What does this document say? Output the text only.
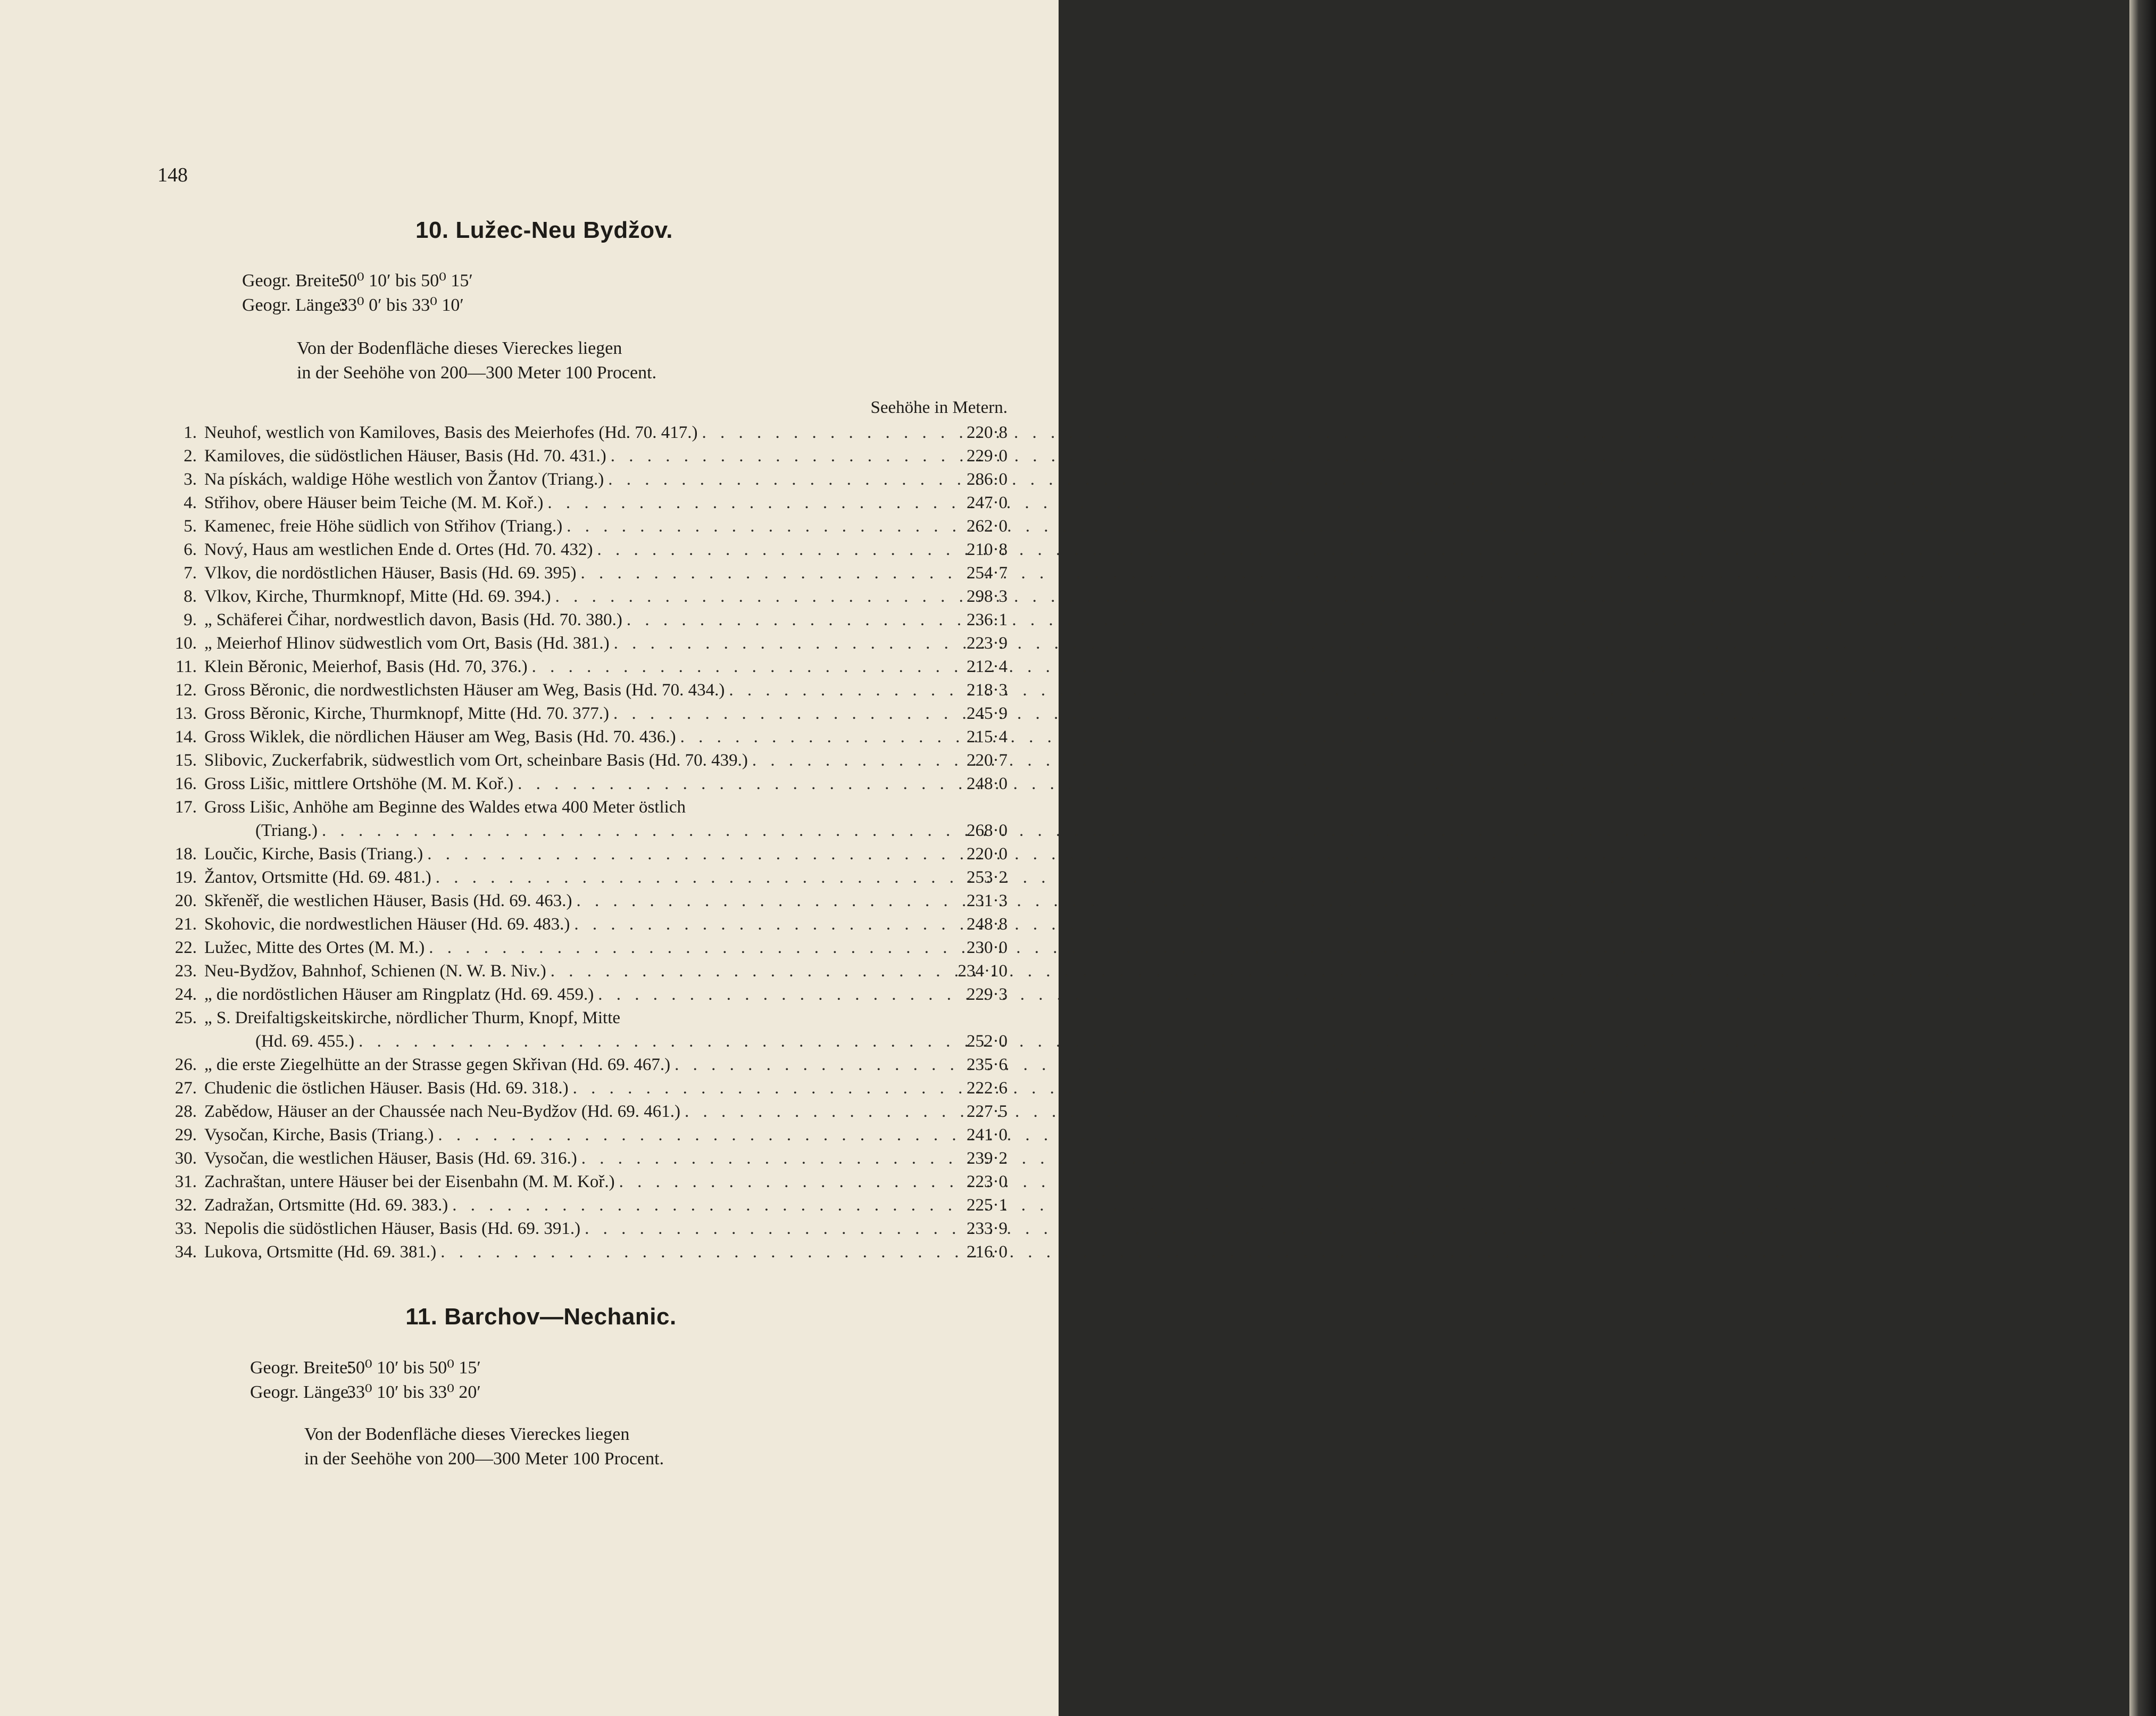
148
10. Lužec-Neu Bydžov.
Geogr. Breite:
50⁰ 10′ bis 50⁰ 15′
Geogr. Länge:
33⁰ 0′ bis 33⁰ 10′
Von der Bodenfläche dieses Viereckes liegen
in der Seehöhe von 200—300 Meter 100 Procent.
Seehöhe in Metern.
1. Neuhof, westlich von Kamiloves, Basis des Meierhofes (Hd. 70. 417.) . . .	220·8
2. Kamiloves, die südöstlichen Häuser, Basis (Hd. 70. 431.) . . .	229·0
3. Na pískách, waldige Höhe westlich von Žantov (Triang.) . . .	286·0
4. Střihov, obere Häuser beim Teiche (M. M. Koř.) . . .	247·0
5. Kamenec, freie Höhe südlich von Střihov (Triang.) . . .	262·0
6. Nový, Haus am westlichen Ende d. Ortes (Hd. 70. 432) . . .	210·8
7. Vlkov, die nordöstlichen Häuser, Basis (Hd. 69. 395) . . .	254·7
8. Vlkov, Kirche, Thurmknopf, Mitte (Hd. 69. 394.) . . .	298·3
9. „ Schäferei Čihar, nordwestlich davon, Basis (Hd. 70. 380.) . . .	236·1
10. „ Meierhof Hlinov südwestlich vom Ort, Basis (Hd. 381.) . . .	223·9
11. Klein Běronic, Meierhof, Basis (Hd. 70, 376.) . . .	212·4
12. Gross Běronic, die nordwestlichsten Häuser am Weg, Basis (Hd. 70. 434.) . . .	218·3
13. Gross Běronic, Kirche, Thurmknopf, Mitte (Hd. 70. 377.) . . .	245·9
14. Gross Wiklek, die nördlichen Häuser am Weg, Basis (Hd. 70. 436.) . . .	215·4
15. Slibovic, Zuckerfabrik, südwestlich vom Ort, scheinbare Basis (Hd. 70. 439.) . . .	220·7
16. Gross Lišic, mittlere Ortshöhe (M. M. Koř.) . . .	248·0
17. Gross Lišic, Anhöhe am Beginne des Waldes etwa 400 Meter östlich
(Triang.) . . .	268·0
18. Loučic, Kirche, Basis (Triang.) . . .	220·0
19. Žantov, Ortsmitte (Hd. 69. 481.) . . .	253·2
20. Skřeněř, die westlichen Häuser, Basis (Hd. 69. 463.) . . .	231·3
21. Skohovic, die nordwestlichen Häuser (Hd. 69. 483.) . . .	248·8
22. Lužec, Mitte des Ortes (M. M.) . . .	230·0
23. Neu-Bydžov, Bahnhof, Schienen (N. W. B. Niv.) . . .	234·10
24. „ die nordöstlichen Häuser am Ringplatz (Hd. 69. 459.) . . .	229·3
25. „ S. Dreifaltigskeitskirche, nördlicher Thurm, Knopf, Mitte
(Hd. 69. 455.) . . .	252·0
26. „ die erste Ziegelhütte an der Strasse gegen Skřivan (Hd. 69. 467.) . . .	235·6
27. Chudenic die östlichen Häuser. Basis (Hd. 69. 318.) . . .	222·6
28. Zabědow, Häuser an der Chaussée nach Neu-Bydžov (Hd. 69. 461.) . . .	227·5
29. Vysočan, Kirche, Basis (Triang.) . . .	241·0
30. Vysočan, die westlichen Häuser, Basis (Hd. 69. 316.) . . .	239·2
31. Zachraštan, untere Häuser bei der Eisenbahn (M. M. Koř.) . . .	223·0
32. Zadražan, Ortsmitte (Hd. 69. 383.) . . .	225·1
33. Nepolis die südöstlichen Häuser, Basis (Hd. 69. 391.) . . .	233·9
34. Lukova, Ortsmitte (Hd. 69. 381.) . . .	216·0
11. Barchov—Nechanic.
Geogr. Breite:
50⁰ 10′ bis 50⁰ 15′
Geogr. Länge.
33⁰ 10′ bis 33⁰ 20′
Von der Bodenfläche dieses Viereckes liegen
in der Seehöhe von 200—300 Meter 100 Procent.
